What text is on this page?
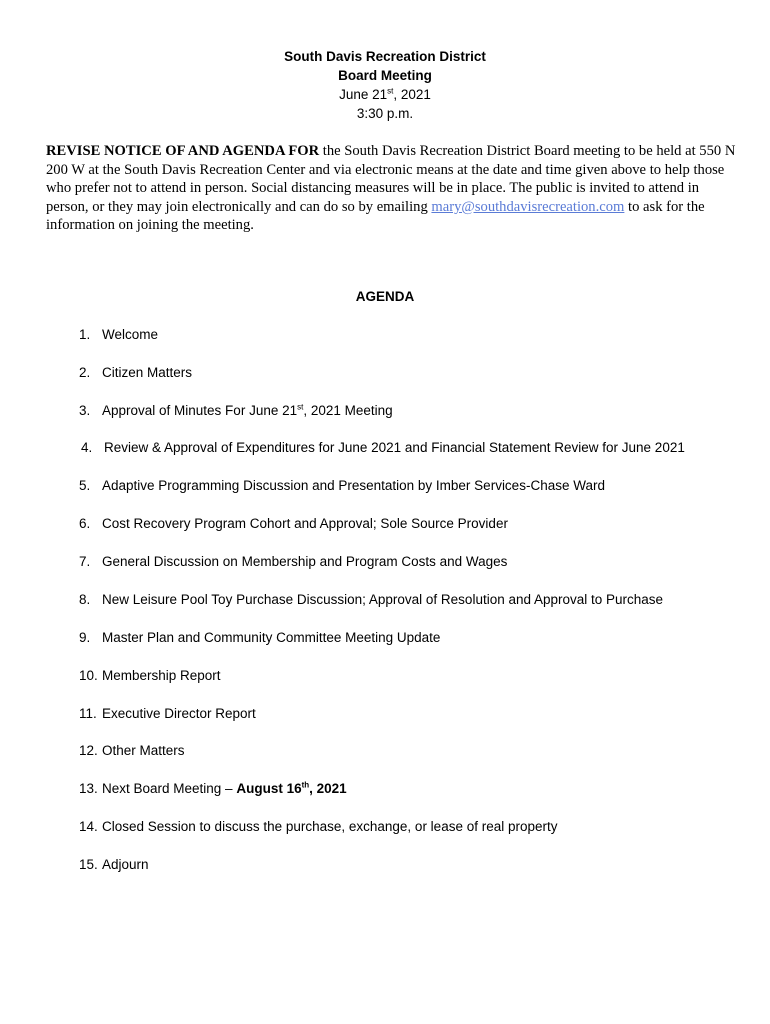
South Davis Recreation District
Board Meeting
June 21st, 2021
3:30 p.m.
REVISE NOTICE OF AND AGENDA FOR the South Davis Recreation District Board meeting to be held at 550 N 200 W at the South Davis Recreation Center and via electronic means at the date and time given above to help those who prefer not to attend in person. Social distancing measures will be in place. The public is invited to attend in person, or they may join electronically and can do so by emailing mary@southdavisrecreation.com to ask for the information on joining the meeting.
AGENDA
1. Welcome
2. Citizen Matters
3. Approval of Minutes For June 21st, 2021 Meeting
4. Review & Approval of Expenditures for June 2021 and Financial Statement Review for June 2021
5. Adaptive Programming Discussion and Presentation by Imber Services-Chase Ward
6. Cost Recovery Program Cohort and Approval; Sole Source Provider
7. General Discussion on Membership and Program Costs and Wages
8. New Leisure Pool Toy Purchase Discussion; Approval of Resolution and Approval to Purchase
9. Master Plan and Community Committee Meeting Update
10. Membership Report
11. Executive Director Report
12. Other Matters
13. Next Board Meeting – August 16th, 2021
14. Closed Session to discuss the purchase, exchange, or lease of real property
15. Adjourn
